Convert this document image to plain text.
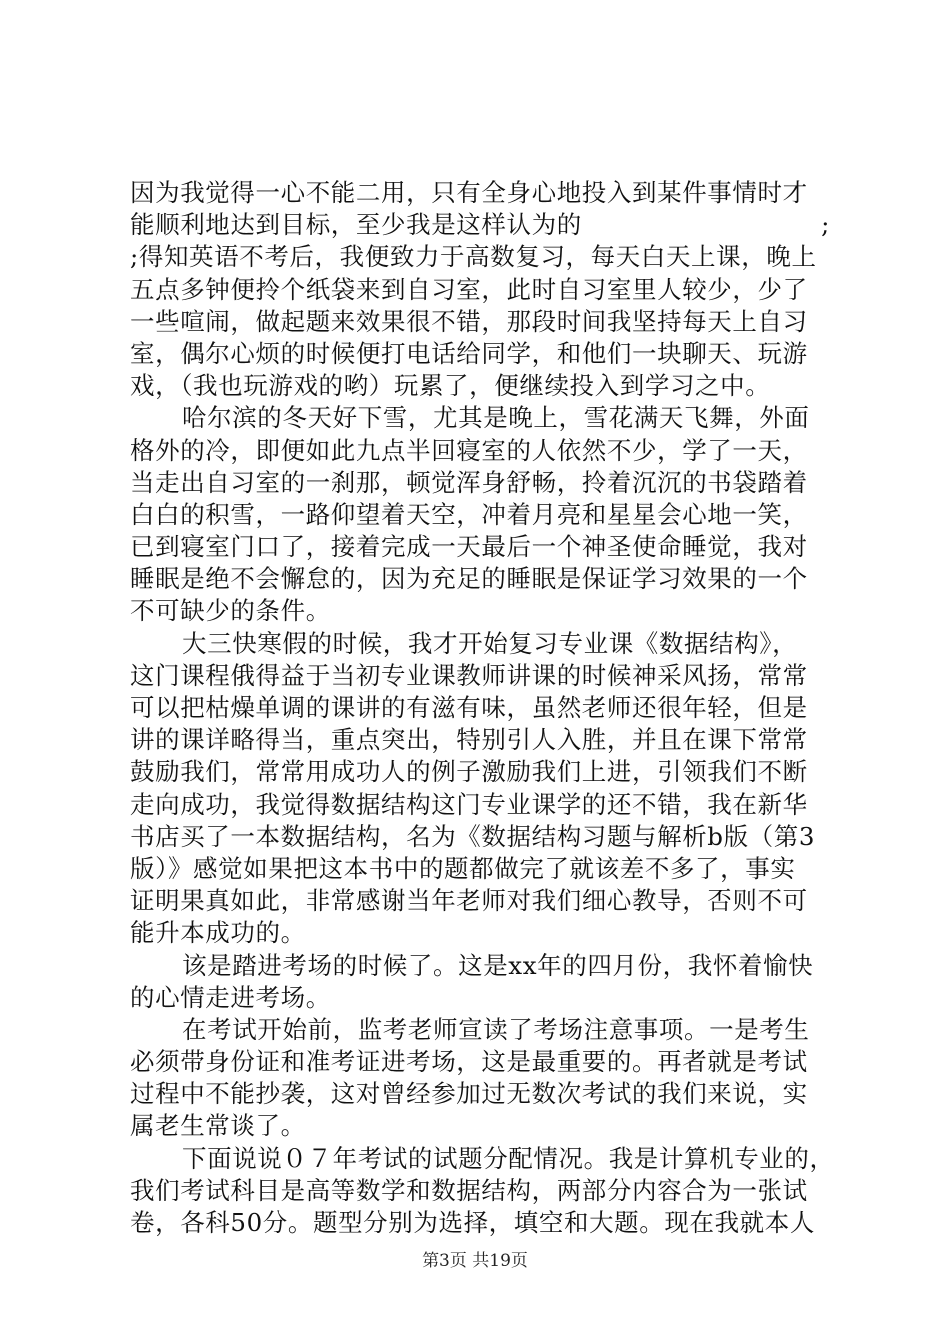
因为我觉得一心不能二用，只有全身心地投入到某件事情时才
能顺利地达到目标，至少我是这样认为的	;
;得知英语不考后，我便致力于高数复习，每天白天上课，晚上
五点多钟便拎个纸袋来到自习室，此时自习室里人较少，少了
一些喧闹，做起题来效果很不错，那段时间我坚持每天上自习
室，偶尔心烦的时候便打电话给同学，和他们一块聊天、玩游
戏，（我也玩游戏的哟）玩累了，便继续投入到学习之中。
哈尔滨的冬天好下雪，尤其是晚上，雪花满天飞舞，外面
格外的冷，即便如此九点半回寝室的人依然不少，学了一天，
当走出自习室的一刹那，顿觉浑身舒畅，拎着沉沉的书袋踏着
白白的积雪，一路仰望着天空，冲着月亮和星星会心地一笑，
已到寝室门口了，接着完成一天最后一个神圣使命睡觉，我对
睡眠是绝不会懈怠的，因为充足的睡眠是保证学习效果的一个
不可缺少的条件。
大三快寒假的时候，我才开始复习专业课《数据结构》，
这门课程俄得益于当初专业课教师讲课的时候神采风扬，常常
可以把枯燥单调的课讲的有滋有味，虽然老师还很年轻，但是
讲的课详略得当，重点突出，特别引人入胜，并且在课下常常
鼓励我们，常常用成功人的例子激励我们上进，引领我们不断
走向成功，我觉得数据结构这门专业课学的还不错，我在新华
书店买了一本数据结构，名为《数据结构习题与解析b版（第3
版）》感觉如果把这本书中的题都做完了就该差不多了，事实
证明果真如此，非常感谢当年老师对我们细心教导，否则不可
能升本成功的。
该是踏进考场的时候了。这是xx年的四月份，我怀着愉快
的心情走进考场。
在考试开始前，监考老师宣读了考场注意事项。一是考生
必须带身份证和准考证进考场，这是最重要的。再者就是考试
过程中不能抄袭，这对曾经参加过无数次考试的我们来说，实
属老生常谈了。
下面说说０７年考试的试题分配情况。我是计算机专业的，
我们考试科目是高等数学和数据结构，两部分内容合为一张试
卷，各科50分。题型分别为选择，填空和大题。现在我就本人
第3页 共19页
